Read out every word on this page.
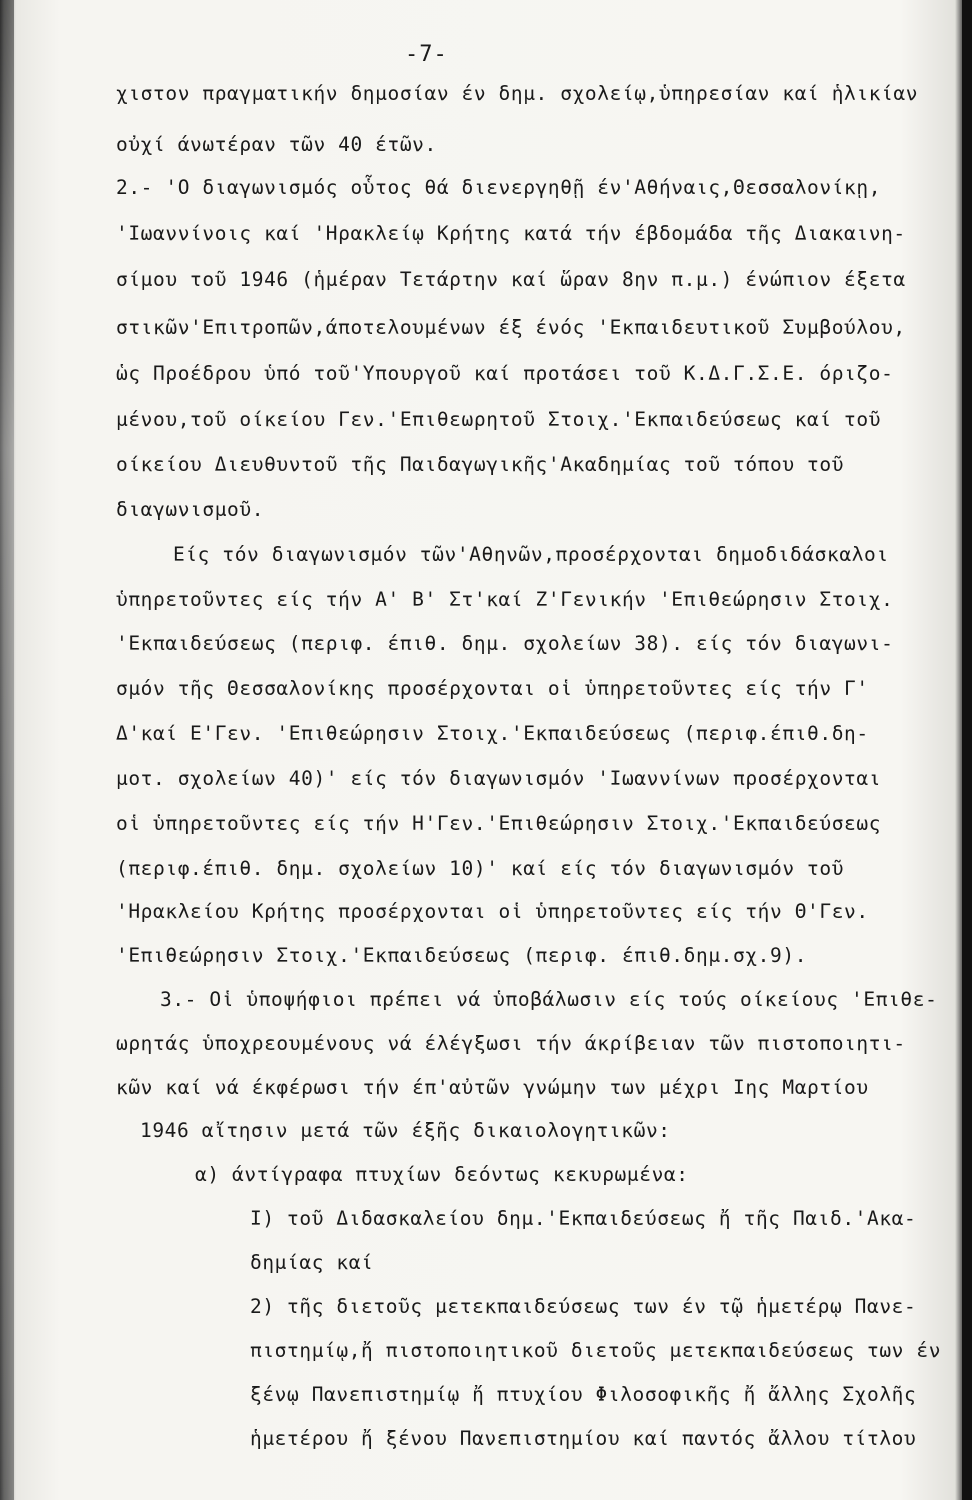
-7-
χιστον πραγματικήν δημοσίαν έν δημ. σχολείῳ,ὑπηρεσίαν καί ἡλικίαν
οὐχί άνωτέραν τῶν 40 έτῶν.
2.- 'Ο διαγωνισμός οὗτος θά διενεργηθῇ έν'Αθήναις,Θεσσαλονίκῃ,
'Ιωαννίνοις καί 'Ηρακλείῳ Κρήτης κατά τήν έβδομάδα τῆς Διακαινη-
σίμου τοῦ 1946 (ἡμέραν Τετάρτην καί ὥραν 8ην π.μ.) ένώπιον έξετα
στικῶν'Επιτροπῶν,άποτελουμένων έξ ένός 'Εκπαιδευτικοῦ Συμβούλου,
ὡς Προέδρου ὑπό τοῦ'Υπουργοῦ καί προτάσει τοῦ Κ.Δ.Γ.Σ.Ε. όριζο-
μένου,τοῦ οίκείου Γεν.'Επιθεωρητοῦ Στοιχ.'Εκπαιδεύσεως καί τοῦ
οίκείου Διευθυντοῦ τῆς Παιδαγωγικῆς'Ακαδημίας τοῦ τόπου τοῦ
διαγωνισμοῦ.
Είς τόν διαγωνισμόν τῶν'Αθηνῶν,προσέρχονται δημοδιδάσκαλοι
ὑπηρετοῦντες είς τήν Α' Β' Στ'καί Ζ'Γενικήν 'Επιθεώρησιν Στοιχ.
'Εκπαιδεύσεως (περιφ. έπιθ. δημ. σχολείων 38). είς τόν διαγωνι-
σμόν τῆς Θεσσαλονίκης προσέρχονται οἱ ὑπηρετοῦντες είς τήν Γ'
Δ'καί Ε'Γεν. 'Επιθεώρησιν Στοιχ.'Εκπαιδεύσεως (περιφ.έπιθ.δη-
μοτ. σχολείων 40)' είς τόν διαγωνισμόν 'Ιωαννίνων προσέρχονται
οἱ ὑπηρετοῦντες είς τήν Η'Γεν.'Επιθεώρησιν Στοιχ.'Εκπαιδεύσεως
(περιφ.έπιθ. δημ. σχολείων 10)' καί είς τόν διαγωνισμόν τοῦ
'Ηρακλείου Κρήτης προσέρχονται οἱ ὑπηρετοῦντες είς τήν Θ'Γεν.
'Επιθεώρησιν Στοιχ.'Εκπαιδεύσεως (περιφ. έπιθ.δημ.σχ.9).
3.- Οἱ ὑποψήφιοι πρέπει νά ὑποβάλωσιν είς τούς οίκείους 'Επιθε-
ωρητάς ὑποχρεουμένους νά έλέγξωσι τήν άκρίβειαν τῶν πιστοποιητι-
κῶν καί νά έκφέρωσι τήν έπ'αὐτῶν γνώμην των μέχρι Ιης Μαρτίου
1946 αἴτησιν μετά τῶν έξῆς δικαιολογητικῶν:
α) άντίγραφα πτυχίων δεόντως κεκυρωμένα:
Ι) τοῦ Διδασκαλείου δημ.'Εκπαιδεύσεως ἤ τῆς Παιδ.'Ακα-
δημίας καί
2) τῆς διετοῦς μετεκπαιδεύσεως των έν τῷ ἡμετέρῳ Πανε-
πιστημίῳ,ἤ πιστοποιητικοῦ διετοῦς μετεκπαιδεύσεως των έν
ξένῳ Πανεπιστημίῳ ἤ πτυχίου Φιλοσοφικῆς ἤ ἄλλης Σχολῆς
ἡμετέρου ἤ ξένου Πανεπιστημίου καί παντός ἄλλου τίτλου
